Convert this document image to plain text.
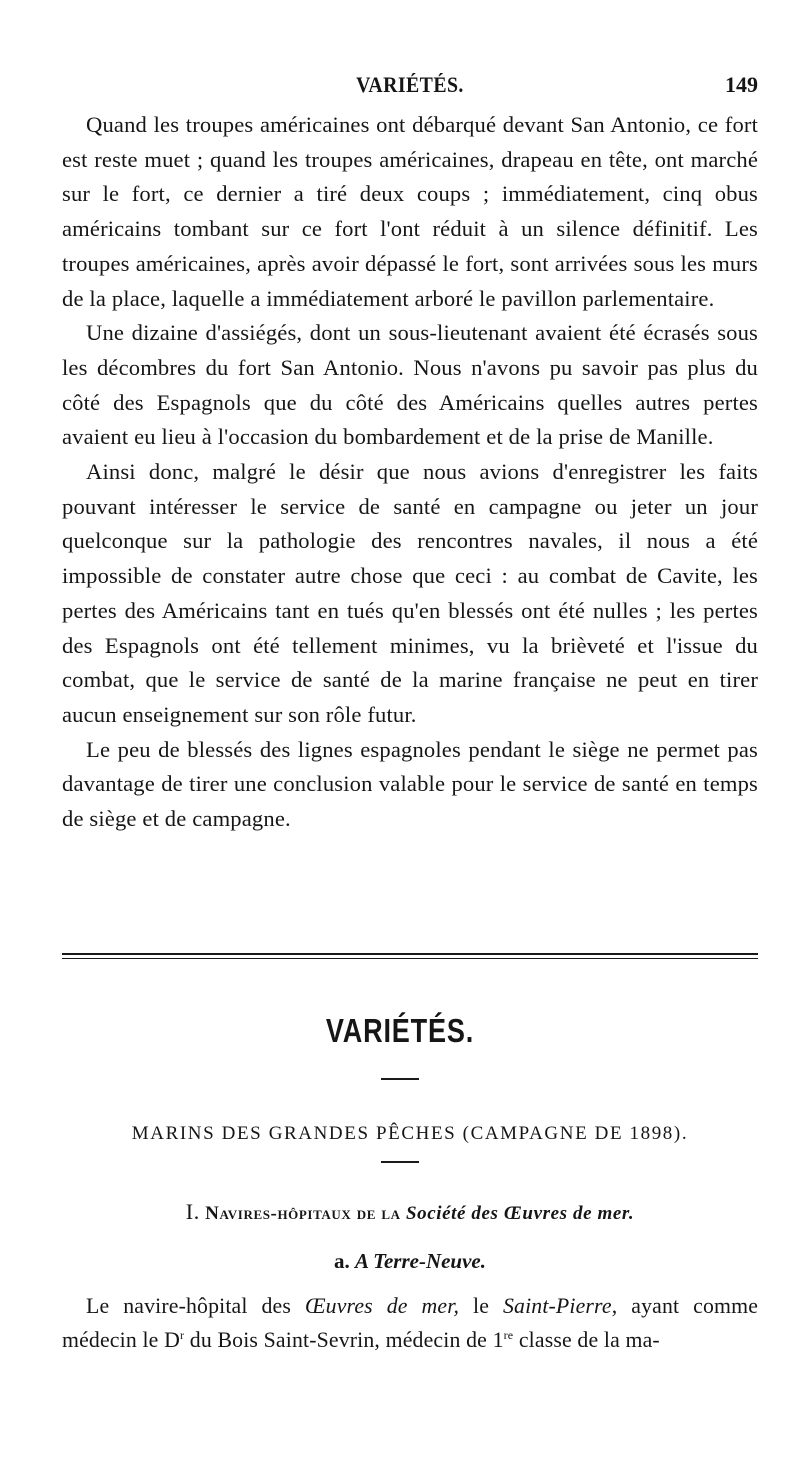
VARIÉTÉS.	149

Quand les troupes américaines ont débarqué devant San Antonio, ce fort est reste muet ; quand les troupes américaines, drapeau en tête, ont marché sur le fort, ce dernier a tiré deux coups ; immédiatement, cinq obus américains tombant sur ce fort l'ont réduit à un silence définitif. Les troupes américaines, après avoir dépassé le fort, sont arrivées sous les murs de la place, laquelle a immédiatement arboré le pavillon parlementaire.

Une dizaine d'assiégés, dont un sous-lieutenant avaient été écrasés sous les décombres du fort San Antonio. Nous n'avons pu savoir pas plus du côté des Espagnols que du côté des Américains quelles autres pertes avaient eu lieu à l'occasion du bombardement et de la prise de Manille.

Ainsi donc, malgré le désir que nous avions d'enregistrer les faits pouvant intéresser le service de santé en campagne ou jeter un jour quelconque sur la pathologie des rencontres navales, il nous a été impossible de constater autre chose que ceci : au combat de Cavite, les pertes des Américains tant en tués qu'en blessés ont été nulles ; les pertes des Espagnols ont été tellement minimes, vu la brièveté et l'issue du combat, que le service de santé de la marine française ne peut en tirer aucun enseignement sur son rôle futur.

Le peu de blessés des lignes espagnoles pendant le siège ne permet pas davantage de tirer une conclusion valable pour le service de santé en temps de siège et de campagne.

VARIÉTÉS.
MARINS DES GRANDES PÊCHES (CAMPAGNE DE 1898).
I. Navires-hôpitaux de la Société des Œuvres de mer.
a. A Terre-Neuve.

Le navire-hôpital des Œuvres de mer, le Saint-Pierre, ayant comme médecin le $D^r$ du Bois Saint-Sevrin, médecin de 1re classe de la ma-
